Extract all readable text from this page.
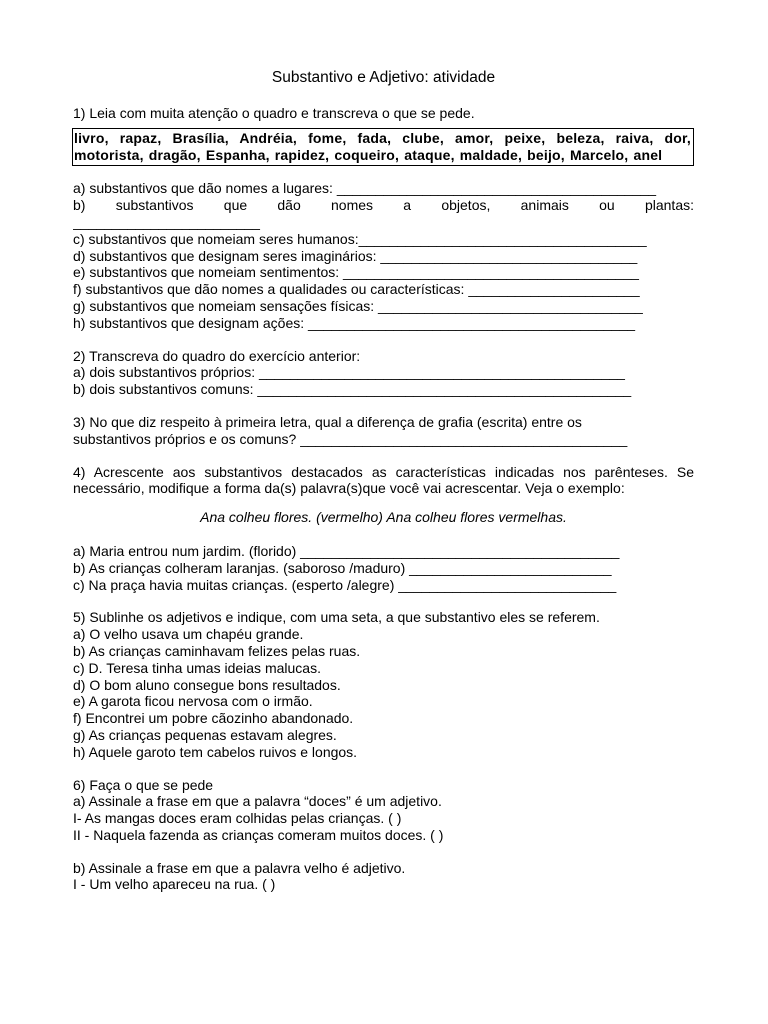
Substantivo e Adjetivo: atividade

1) Leia com muita atenção o quadro e transcreva o que se pede.

livro, rapaz, Brasília, Andréia, fome, fada, clube, amor, peixe, beleza, raiva, dor, motorista, dragão, Espanha, rapidez, coqueiro, ataque, maldade, beijo, Marcelo, anel

a) substantivos que dão nomes a lugares: _________________________________________

b) substantivos que dão nomes a objetos, animais ou plantas:

________________________

c) substantivos que nomeiam seres humanos:_____________________________________

d) substantivos que designam seres imaginários: _________________________________

e) substantivos que nomeiam sentimentos: ______________________________________

f) substantivos que dão nomes a qualidades ou características: ______________________

g) substantivos que nomeiam sensações físicas: __________________________________

h) substantivos que designam ações: __________________________________________

2) Transcreva do quadro do exercício anterior:

a) dois substantivos próprios: _______________________________________________

b) dois substantivos comuns: ________________________________________________

3) No que diz respeito à primeira letra, qual a diferença de grafia (escrita) entre os

substantivos próprios e os comuns? __________________________________________

4) Acrescente aos substantivos destacados as características indicadas nos parênteses. Se necessário, modifique a forma da(s) palavra(s)que você vai acrescentar. Veja o exemplo:

Ana colheu flores. (vermelho) Ana colheu flores vermelhas.

a) Maria entrou num jardim. (florido) _________________________________________

b) As crianças colheram laranjas. (saboroso /maduro) __________________________

c) Na praça havia muitas crianças. (esperto /alegre) ____________________________

5) Sublinhe os adjetivos e indique, com uma seta, a que substantivo eles se referem.

a) O velho usava um chapéu grande.

b) As crianças caminhavam felizes pelas ruas.

c) D. Teresa tinha umas ideias malucas.

d) O bom aluno consegue bons resultados.

e) A garota ficou nervosa com o irmão.

f) Encontrei um pobre cãozinho abandonado.

g) As crianças pequenas estavam alegres.

h) Aquele garoto tem cabelos ruivos e longos.

6) Faça o que se pede

a) Assinale a frase em que a palavra “doces” é um adjetivo.

I- As mangas doces eram colhidas pelas crianças. ( )

II - Naquela fazenda as crianças comeram muitos doces. ( )

b) Assinale a frase em que a palavra velho é adjetivo.

I - Um velho apareceu na rua. ( )
